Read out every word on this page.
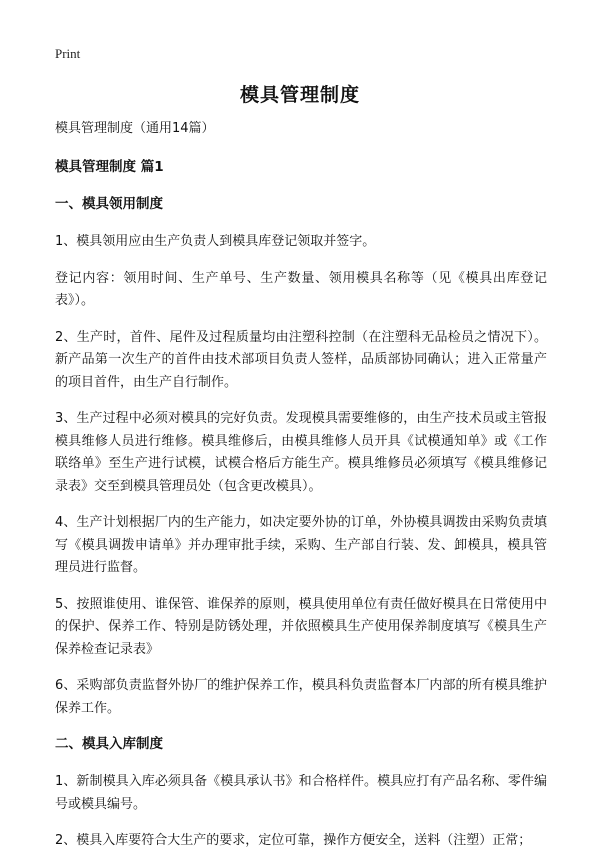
Print
模具管理制度
模具管理制度（通用14篇）
模具管理制度 篇1
一、模具领用制度
1、模具领用应由生产负责人到模具库登记领取并签字。
登记内容：领用时间、生产单号、生产数量、领用模具名称等（见《模具出库登记表》）。
2、生产时，首件、尾件及过程质量均由注塑科控制（在注塑科无品检员之情况下）。新产品第一次生产的首件由技术部项目负责人签样，品质部协同确认；进入正常量产的项目首件，由生产自行制作。
3、生产过程中必须对模具的完好负责。发现模具需要维修的，由生产技术员或主管报模具维修人员进行维修。模具维修后，由模具维修人员开具《试模通知单》或《工作联络单》至生产进行试模，试模合格后方能生产。模具维修员必须填写《模具维修记录表》交至到模具管理员处（包含更改模具）。
4、生产计划根据厂内的生产能力，如决定要外协的订单，外协模具调拨由采购负责填写《模具调拨申请单》并办理审批手续，采购、生产部自行装、发、卸模具，模具管理员进行监督。
5、按照谁使用、谁保管、谁保养的原则，模具使用单位有责任做好模具在日常使用中的保护、保养工作、特别是防锈处理，并依照模具生产使用保养制度填写《模具生产保养检查记录表》
6、采购部负责监督外协厂的维护保养工作，模具科负责监督本厂内部的所有模具维护保养工作。
二、模具入库制度
1、新制模具入库必须具备《模具承认书》和合格样件。模具应打有产品名称、零件编号或模具编号。
2、模具入库要符合大生产的要求，定位可靠，操作方便安全，送料（注塑）正常；
